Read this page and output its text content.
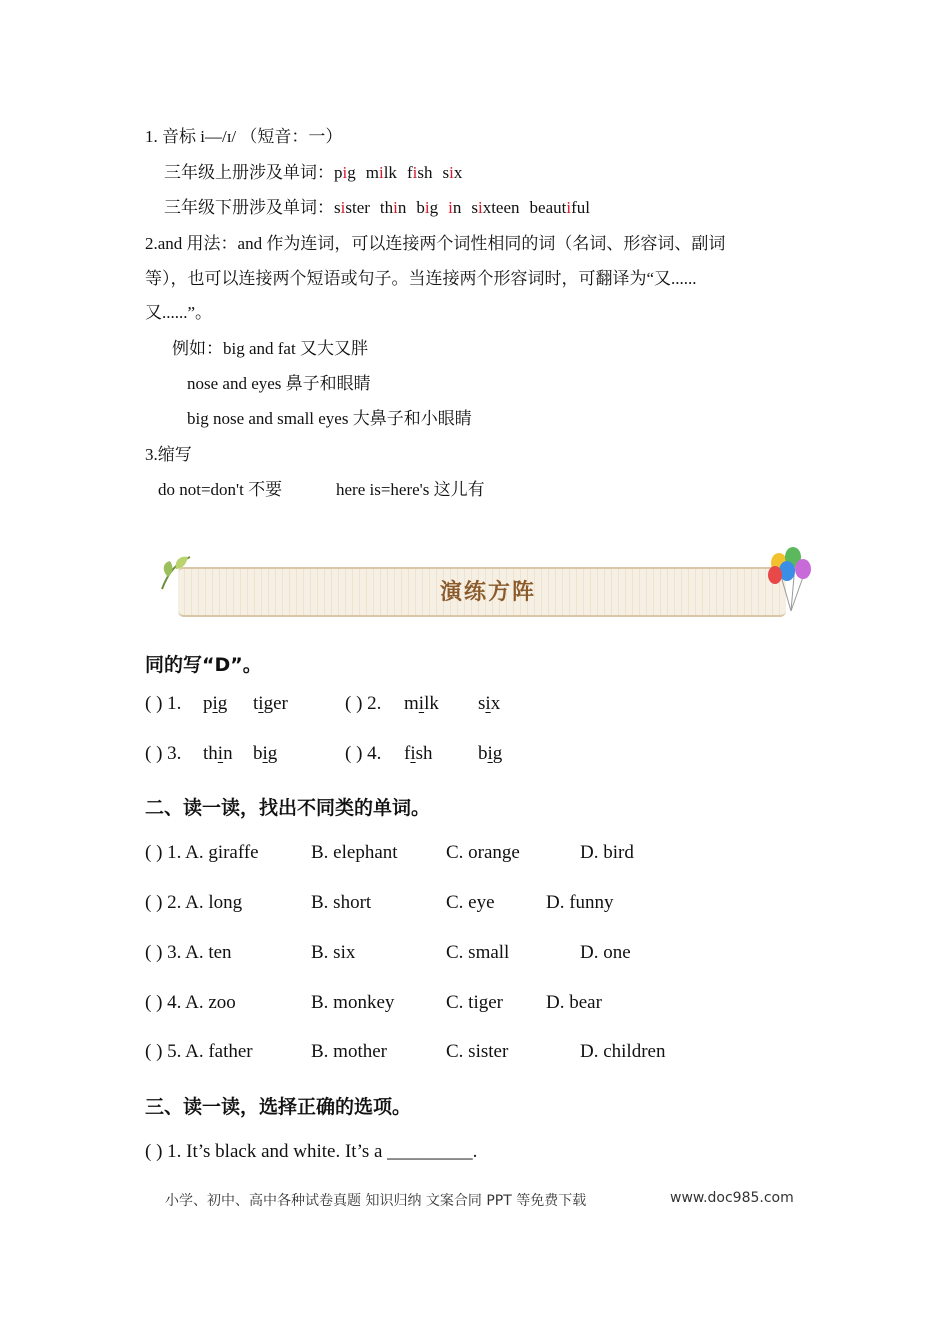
1. 音标 i—/ɪ/ （短音：一）
三年级上册涉及单词：pig milk fish six
三年级下册涉及单词：sister thin big in sixteen beautiful
2.and 用法：and 作为连词，可以连接两个词性相同的词（名词、形容词、副词
等），也可以连接两个短语或句子。当连接两个形容词时，可翻译为“又......
又......”。
例如：big and fat 又大又胖
nose and eyes 鼻子和眼睛
big nose and small eyes 大鼻子和小眼睛
3.缩写
do not=don't 不要	here is=here's 这儿有
演练方阵
同的写“D”。
( ) 1. pig tiger	( ) 2. milk six
( ) 3. thin big	( ) 4. fish big
二、读一读，找出不同类的单词。
( ) 1. A. giraffe	B. elephant	C. orange	D. bird
( ) 2. A. long	B. short	C. eye	D. funny
( ) 3. A. ten	B. six	C. small	D. one
( ) 4. A. zoo	B. monkey	C. tiger D. bear
( ) 5. A. father	B. mother	C. sister	D. children
三、读一读，选择正确的选项。
( ) 1. It’s black and white. It’s a _________.
小学、初中、高中各种试卷真题 知识归纳 文案合同 PPT 等免费下载	www.doc985.com
